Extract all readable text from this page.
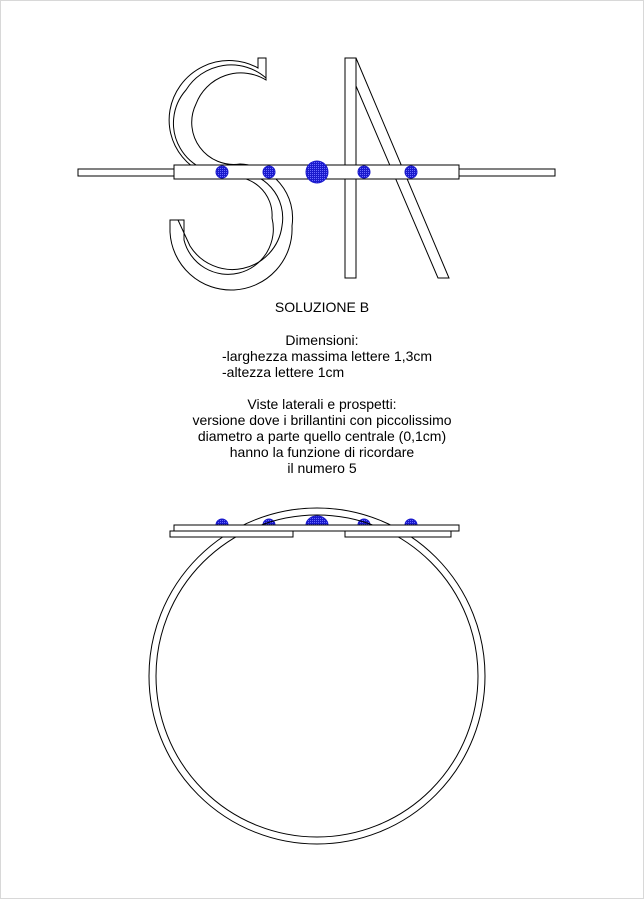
SOLUZIONE B
Dimensioni:
-larghezza massima lettere 1,3cm
-altezza lettere 1cm
Viste laterali e prospetti:
versione dove i brillantini con piccolissimo
diametro a parte quello centrale (0,1cm)
hanno la funzione di ricordare
il numero 5
